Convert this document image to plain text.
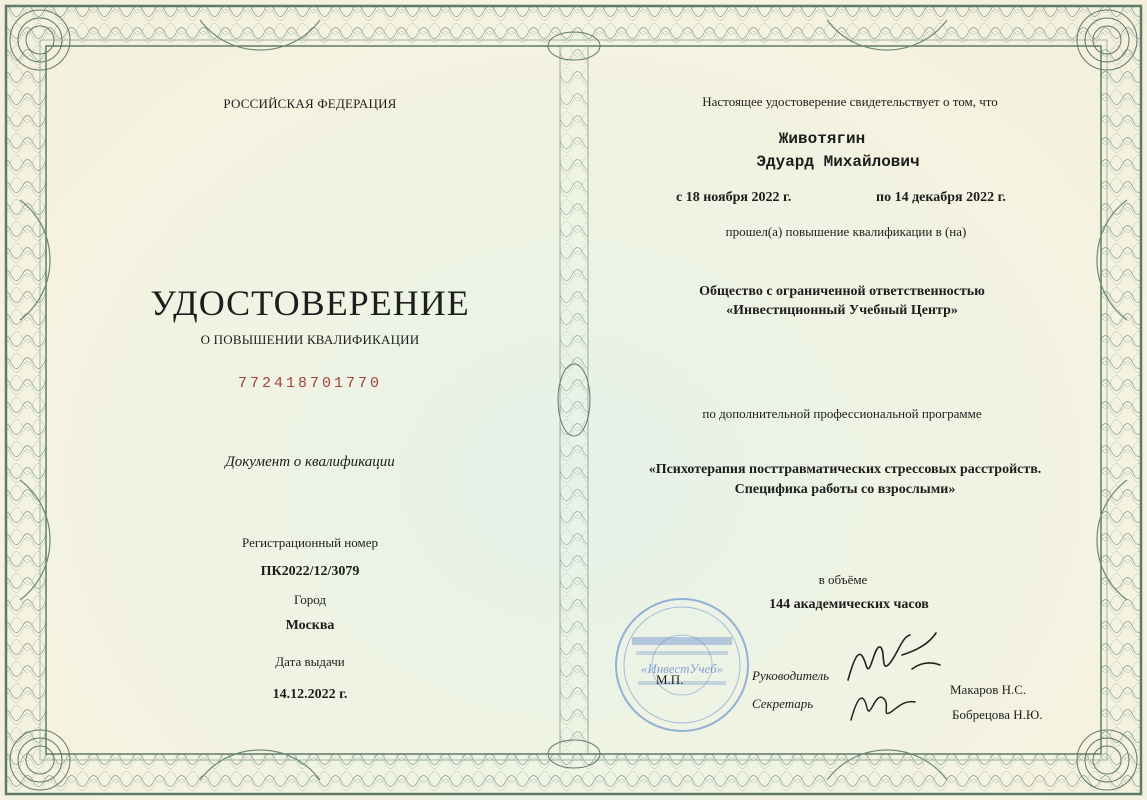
РОССИЙСКАЯ ФЕДЕРАЦИЯ
УДОСТОВЕРЕНИЕ
О ПОВЫШЕНИИ КВАЛИФИКАЦИИ
772418701770
Документ о квалификации
Регистрационный номер
ПК2022/12/3079
Город
Москва
Дата выдачи
14.12.2022 г.
Настоящее удостоверение свидетельствует о том, что
Животягин
Эдуард Михайлович
с 18 ноября 2022 г.	по 14 декабря 2022 г.
прошел(а) повышение квалификации в (на)
Общество с ограниченной ответственностью
«Инвестиционный Учебный Центр»
по дополнительной профессиональной программе
«Психотерапия посттравматических стрессовых расстройств.
Специфика работы со взрослыми»
в объёме
144 академических часов
«ИнвестУчеб»
М.П.	Руководитель
Секретарь
Макаров Н.С.
Бобрецова Н.Ю.
